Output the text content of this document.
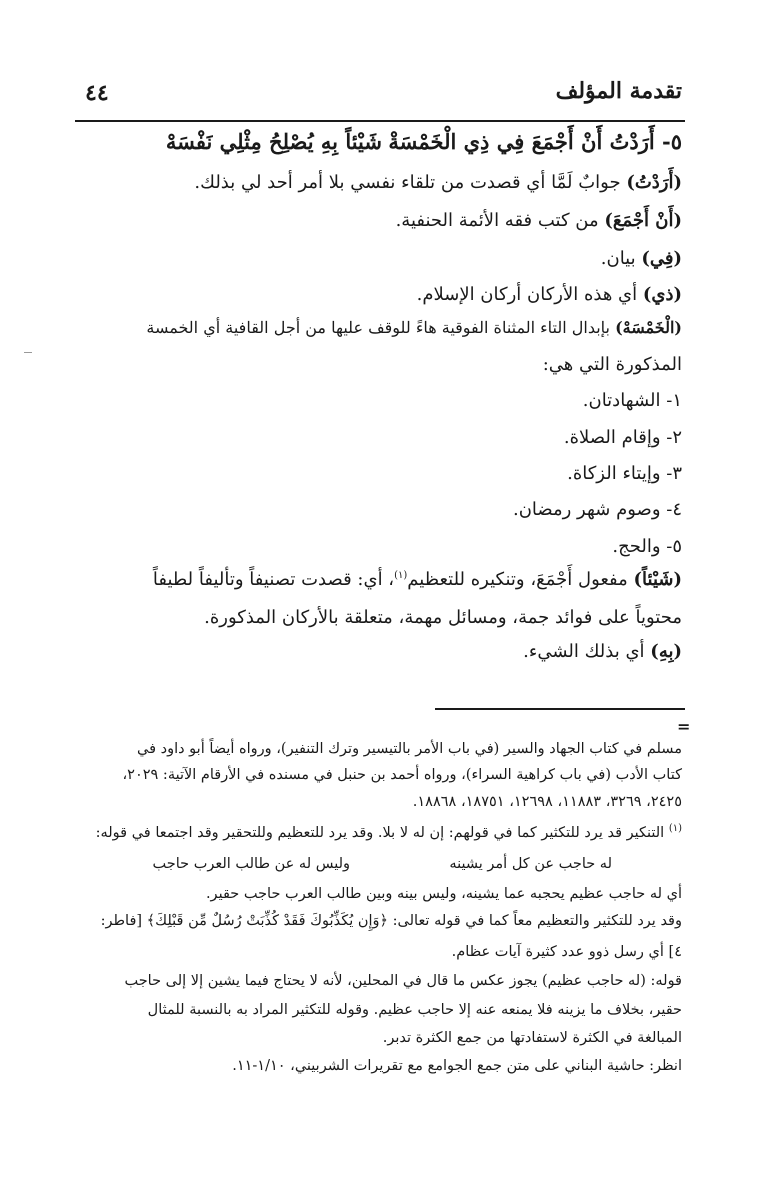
تقدمة المؤلف
٤٤
٥- أَرَدْتُ أَنْ أَجْمَعَ فِي ذِي الْخَمْسَةْ
شَيْئاً بِهِ يُصْلِحُ مِثْلِي نَفْسَهْ
(أَرَدْتُ) جوابٌ لَمَّا أي قصدت من تلقاء نفسي بلا أمر أحد لي بذلك.
(أَنْ أَجْمَعَ) من كتب فقه الأئمة الحنفية.
(فِي) بيان.
(ذي) أي هذه الأركان أركان الإسلام.
(الْخَمْسَهْ) بإبدال التاء المثناة الفوقية هاءً للوقف عليها من أجل القافية أي الخمسة
المذكورة التي هي:
١- الشهادتان.
٢- وإقام الصلاة.
٣- وإيتاء الزكاة.
٤- وصوم شهر رمضان.
٥- والحج.
(شَيْئاً) مفعول أَجْمَعَ، وتنكيره للتعظيم$^{(١)}$، أي: قصدت تصنيفاً وتأليفاً لطيفاً
محتوياً على فوائد جمة، ومسائل مهمة، متعلقة بالأركان المذكورة.
(بِهِ) أي بذلك الشيء.
=
مسلم في كتاب الجهاد والسير (في باب الأمر بالتيسير وترك التنفير)، ورواه أيضاً أبو داود في
كتاب الأدب (في باب كراهية السراء)، ورواه أحمد بن حنبل في مسنده في الأرقام الآتية: ٢٠٢٩،
٢٤٢٥، ٣٢٦٩، ١١٨٨٣، ١٢٦٩٨، ١٨٧٥١، ١٨٨٦٨.
$^{(١)}$ التنكير قد يرد للتكثير كما في قولهم: إن له لا بلا. وقد يرد للتعظيم وللتحقير وقد اجتمعا في قوله:
له حاجب عن كل أمر يشينه
وليس له عن طالب العرب حاجب
أي له حاجب عظيم يحجبه عما يشينه، وليس بينه وبين طالب العرب حاجب حقير.
وقد يرد للتكثير والتعظيم معاً كما في قوله تعالى: ﴿وَإِن يُكَذِّبُوكَ فَقَدْ كُذِّبَتْ رُسُلٌ مِّن قَبْلِكَ﴾ [فاطر:
٤] أي رسل ذوو عدد كثيرة آيات عظام.
قوله: (له حاجب عظيم) يجوز عكس ما قال في المحلين، لأنه لا يحتاج فيما يشين إلا إلى حاجب
حقير، بخلاف ما يزينه فلا يمنعه عنه إلا حاجب عظيم. وقوله للتكثير المراد به بالنسبة للمثال
المبالغة في الكثرة لاستفادتها من جمع الكثرة تدبر.
انظر: حاشية البناني على متن جمع الجوامع مع تقريرات الشربيني، ١/١٠-١١.
